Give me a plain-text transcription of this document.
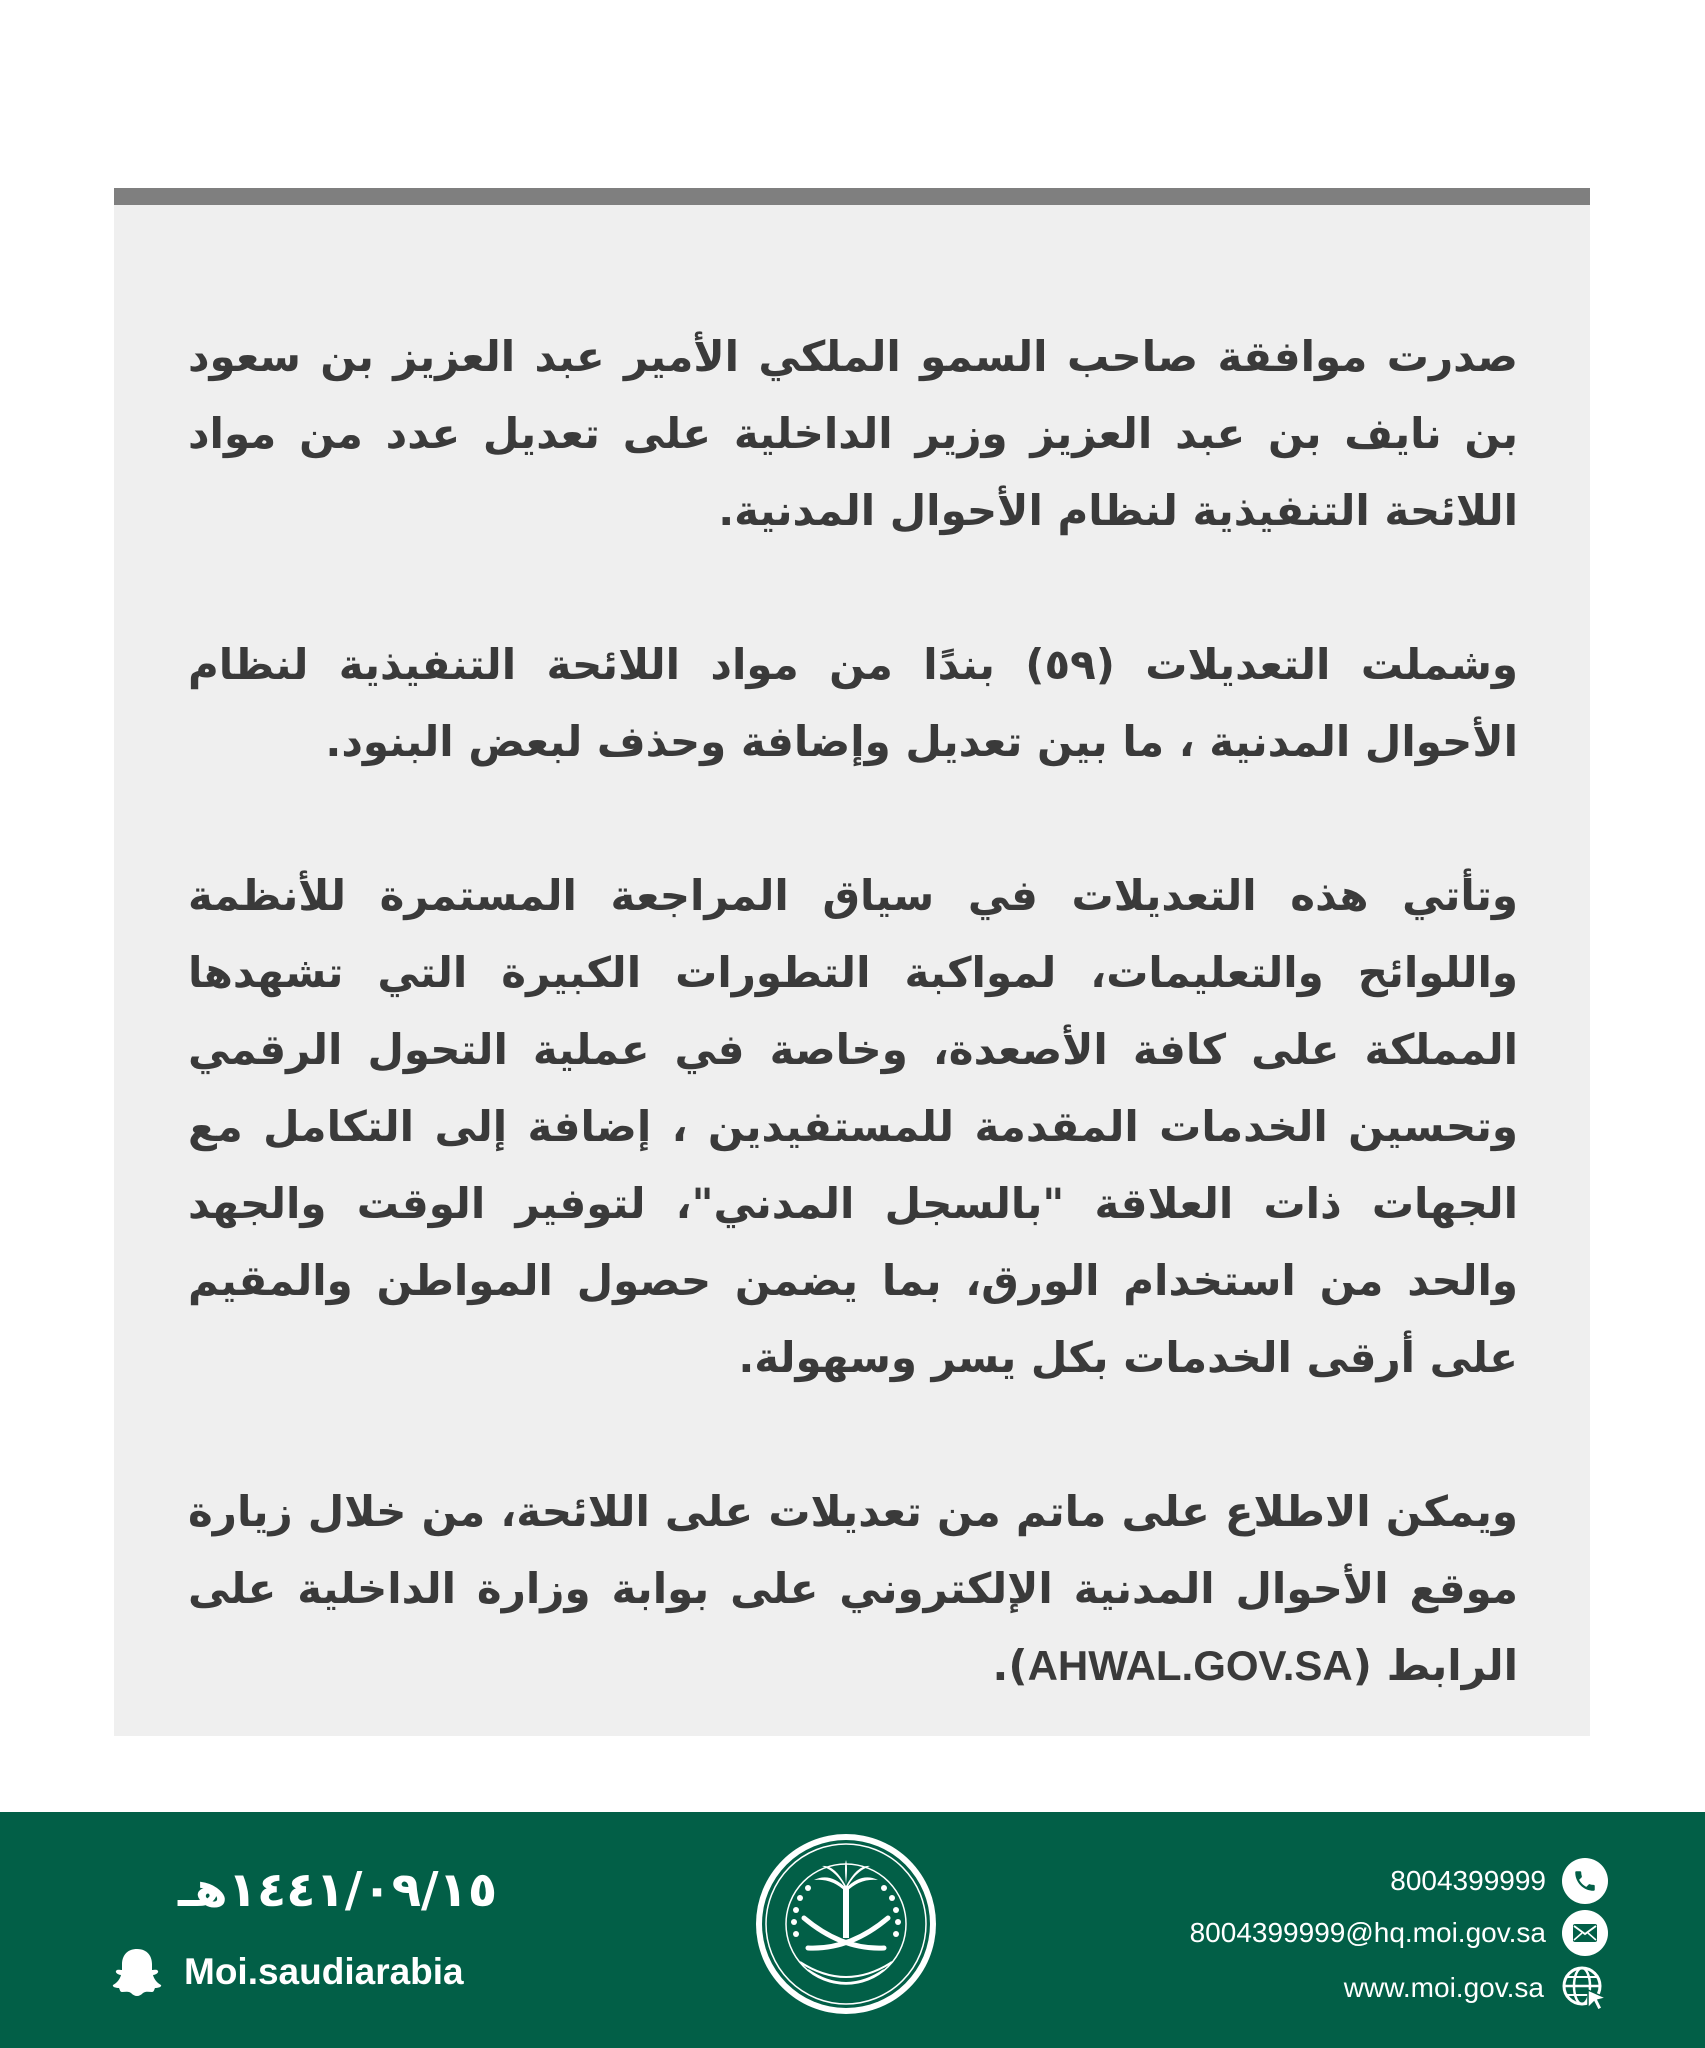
صدرت موافقة صاحب السمو الملكي الأمير عبد العزيز بن سعود بن نايف بن عبد العزيز وزير الداخلية على تعديل عدد من مواد اللائحة التنفيذية لنظام الأحوال المدنية.

وشملت التعديلات (٥٩) بندًا من مواد اللائحة التنفيذية لنظام الأحوال المدنية ، ما بين تعديل وإضافة وحذف لبعض البنود.

وتأتي هذه التعديلات في سياق المراجعة المستمرة للأنظمة واللوائح والتعليمات، لمواكبة التطورات الكبيرة التي تشهدها المملكة على كافة الأصعدة، وخاصة في عملية التحول الرقمي وتحسين الخدمات المقدمة للمستفيدين ، إضافة إلى التكامل مع الجهات ذات العلاقة "بالسجل المدني"، لتوفير الوقت والجهد والحد من استخدام الورق، بما يضمن حصول المواطن والمقيم على أرقى الخدمات بكل يسر وسهولة.

ويمكن الاطلاع على ماتم من تعديلات على اللائحة، من خلال زيارة موقع الأحوال المدنية الإلكتروني على بوابة وزارة الداخلية على الرابط (AHWAL.GOV.SA).

١٤٤١/٠٩/١٥هـ
Moi.saudiarabia
8004399999
8004399999@hq.moi.gov.sa
www.moi.gov.sa
